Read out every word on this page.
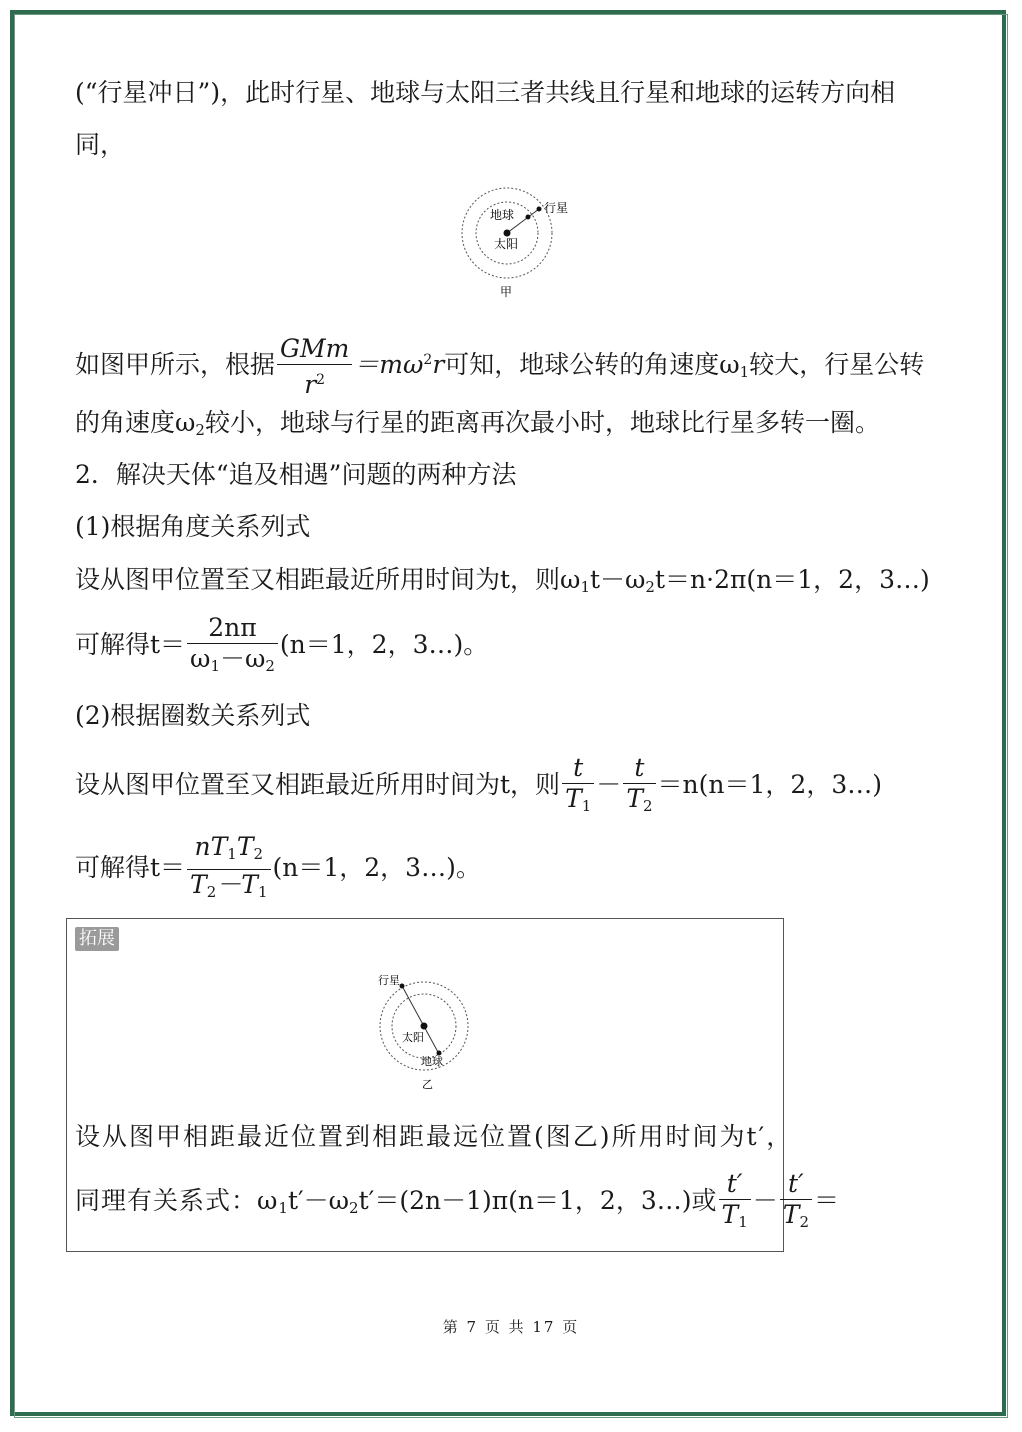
(“行星冲日”)，此时行星、地球与太阳三者共线且行星和地球的运转方向相
同，
地球 行星
太阳
甲
如图甲所示，根据 $\frac{\text{GMm}}{r^2} =m\omega^2r$可知，地球公转的角速度$\omega_1$较大，行星公转
的角速度$\omega_2$较小，地球与行星的距离再次最小时，地球比行星多转一圈。
2．解决天体“追及相遇”问题的两种方法
(1)根据角度关系列式
设从图甲位置至又相距最近所用时间为t，则$\omega_1t-\omega_2t=n\cdot 2\pi(n=1$，2，3…)
可解得$t= \frac{2n\pi}{\omega_1-\omega_2} (n=1$，2，3…)。
(2)根据圈数关系列式
设从图甲位置至又相距最近所用时间为t，则 $\frac{t}{T_1} - \frac{t}{T_2} =n(n=1$，2，3…)
可解得$t= \frac{nT_1T_2}{T_2-T_1} (n=1$，2，3…)。
拓展
行星
太阳
地球
乙
设从图甲相距最近位置到相距最远位置(图乙)所用时间为t′，
同理有关系式：$\omega_1t'-\omega_2t'=(2n-1)\pi(n=1$，2，3…)或 $\frac{t'}{T_1} - \frac{t'}{T_2}$ ＝
第 7 页 共 17 页
